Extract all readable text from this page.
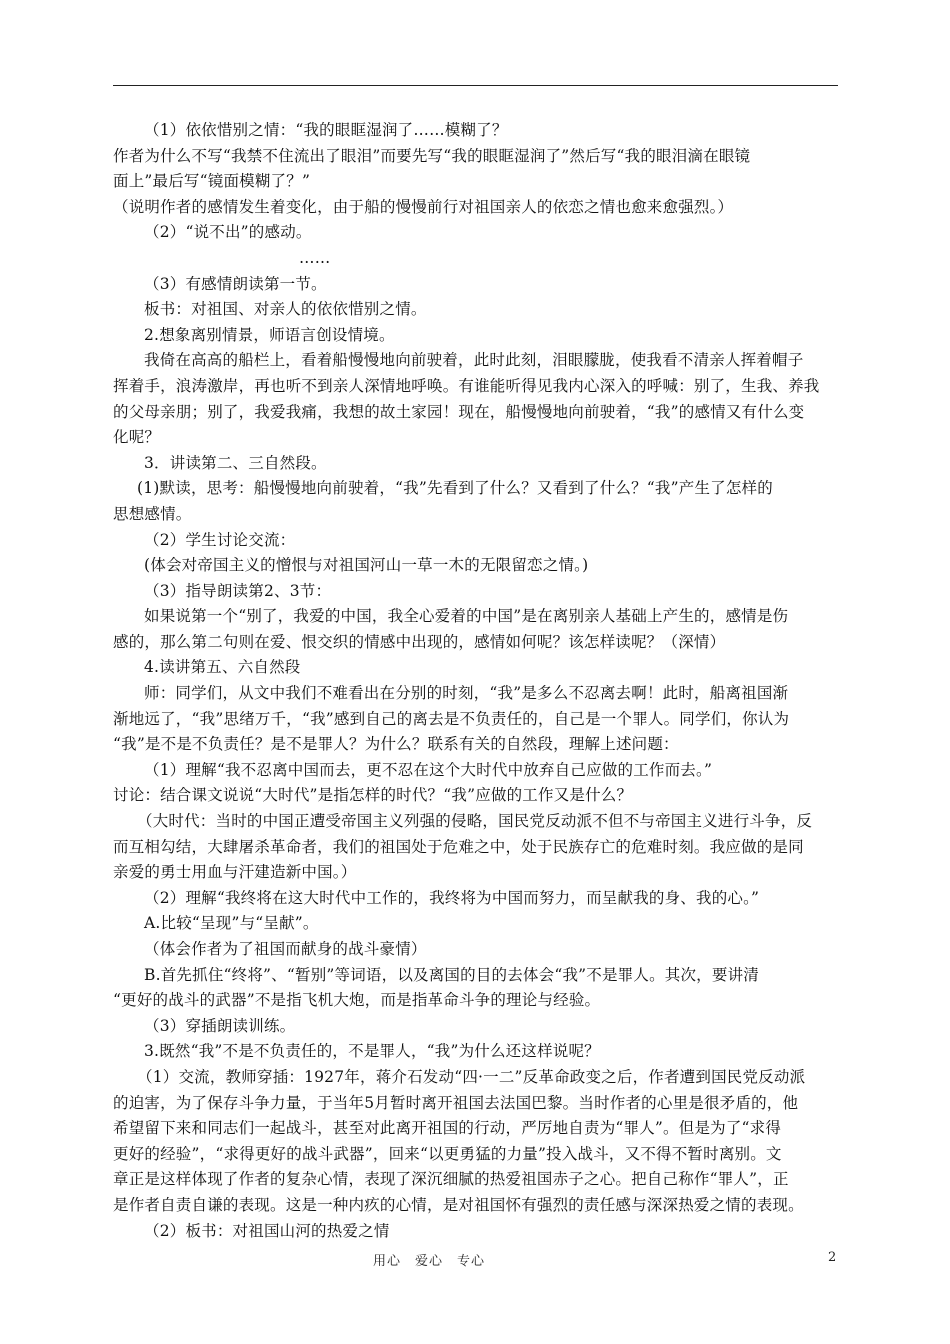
（1）依依惜别之情：“我的眼眶湿润了……模糊了？

作者为什么不写“我禁不住流出了眼泪”而要先写“我的眼眶湿润了”然后写“我的眼泪滴在眼镜

面上”最后写“镜面模糊了？”

（说明作者的感情发生着变化，由于船的慢慢前行对祖国亲人的依恋之情也愈来愈强烈。）

（2）“说不出”的感动。

……

（3）有感情朗读第一节。

板书：对祖国、对亲人的依依惜别之情。

2.想象离别情景，师语言创设情境。

我倚在高高的船栏上，看着船慢慢地向前驶着，此时此刻，泪眼朦胧，使我看不清亲人挥着帽子

挥着手，浪涛激岸，再也听不到亲人深情地呼唤。有谁能听得见我内心深入的呼喊：别了，生我、养我

的父母亲朋；别了，我爱我痛，我想的故土家园！现在，船慢慢地向前驶着，“我”的感情又有什么变

化呢？

3．讲读第二、三自然段。

(1)默读，思考：船慢慢地向前驶着，“我”先看到了什么？又看到了什么？“我”产生了怎样的

思想感情。

（2）学生讨论交流：

(体会对帝国主义的憎恨与对祖国河山一草一木的无限留恋之情。)

（3）指导朗读第2、3节：

如果说第一个“别了，我爱的中国，我全心爱着的中国”是在离别亲人基础上产生的，感情是伤

感的，那么第二句则在爱、恨交织的情感中出现的，感情如何呢？该怎样读呢？（深情）

4.读讲第五、六自然段

师：同学们，从文中我们不难看出在分别的时刻，“我”是多么不忍离去啊！此时，船离祖国渐

渐地远了，“我”思绪万千，“我”感到自己的离去是不负责任的，自己是一个罪人。同学们，你认为

“我”是不是不负责任？是不是罪人？为什么？联系有关的自然段，理解上述问题：

（1）理解“我不忍离中国而去，更不忍在这个大时代中放弃自己应做的工作而去。”

讨论：结合课文说说“大时代”是指怎样的时代？“我”应做的工作又是什么？

（大时代：当时的中国正遭受帝国主义列强的侵略，国民党反动派不但不与帝国主义进行斗争，反

而互相勾结，大肆屠杀革命者，我们的祖国处于危难之中，处于民族存亡的危难时刻。我应做的是同

亲爱的勇士用血与汗建造新中国。）

（2）理解“我终将在这大时代中工作的，我终将为中国而努力，而呈献我的身、我的心。”

A.比较“呈现”与“呈献”。

（体会作者为了祖国而献身的战斗豪情）

B.首先抓住“终将”、“暂别”等词语，以及离国的目的去体会“我”不是罪人。其次，要讲清

“更好的战斗的武器”不是指飞机大炮，而是指革命斗争的理论与经验。

（3）穿插朗读训练。

3.既然“我”不是不负责任的，不是罪人，“我”为什么还这样说呢？

（1）交流，教师穿插：1927年，蒋介石发动“四·一二”反革命政变之后，作者遭到国民党反动派

的迫害，为了保存斗争力量，于当年5月暂时离开祖国去法国巴黎。当时作者的心里是很矛盾的，他

希望留下来和同志们一起战斗，甚至对此离开祖国的行动，严厉地自责为“罪人”。但是为了“求得

更好的经验”，“求得更好的战斗武器”，回来“以更勇猛的力量”投入战斗，又不得不暂时离别。文

章正是这样体现了作者的复杂心情，表现了深沉细腻的热爱祖国赤子之心。把自己称作“罪人”，正

是作者自责自谦的表现。这是一种内疚的心情，是对祖国怀有强烈的责任感与深深热爱之情的表现。

（2）板书：对祖国山河的热爱之情

用心　爱心　专心	2
